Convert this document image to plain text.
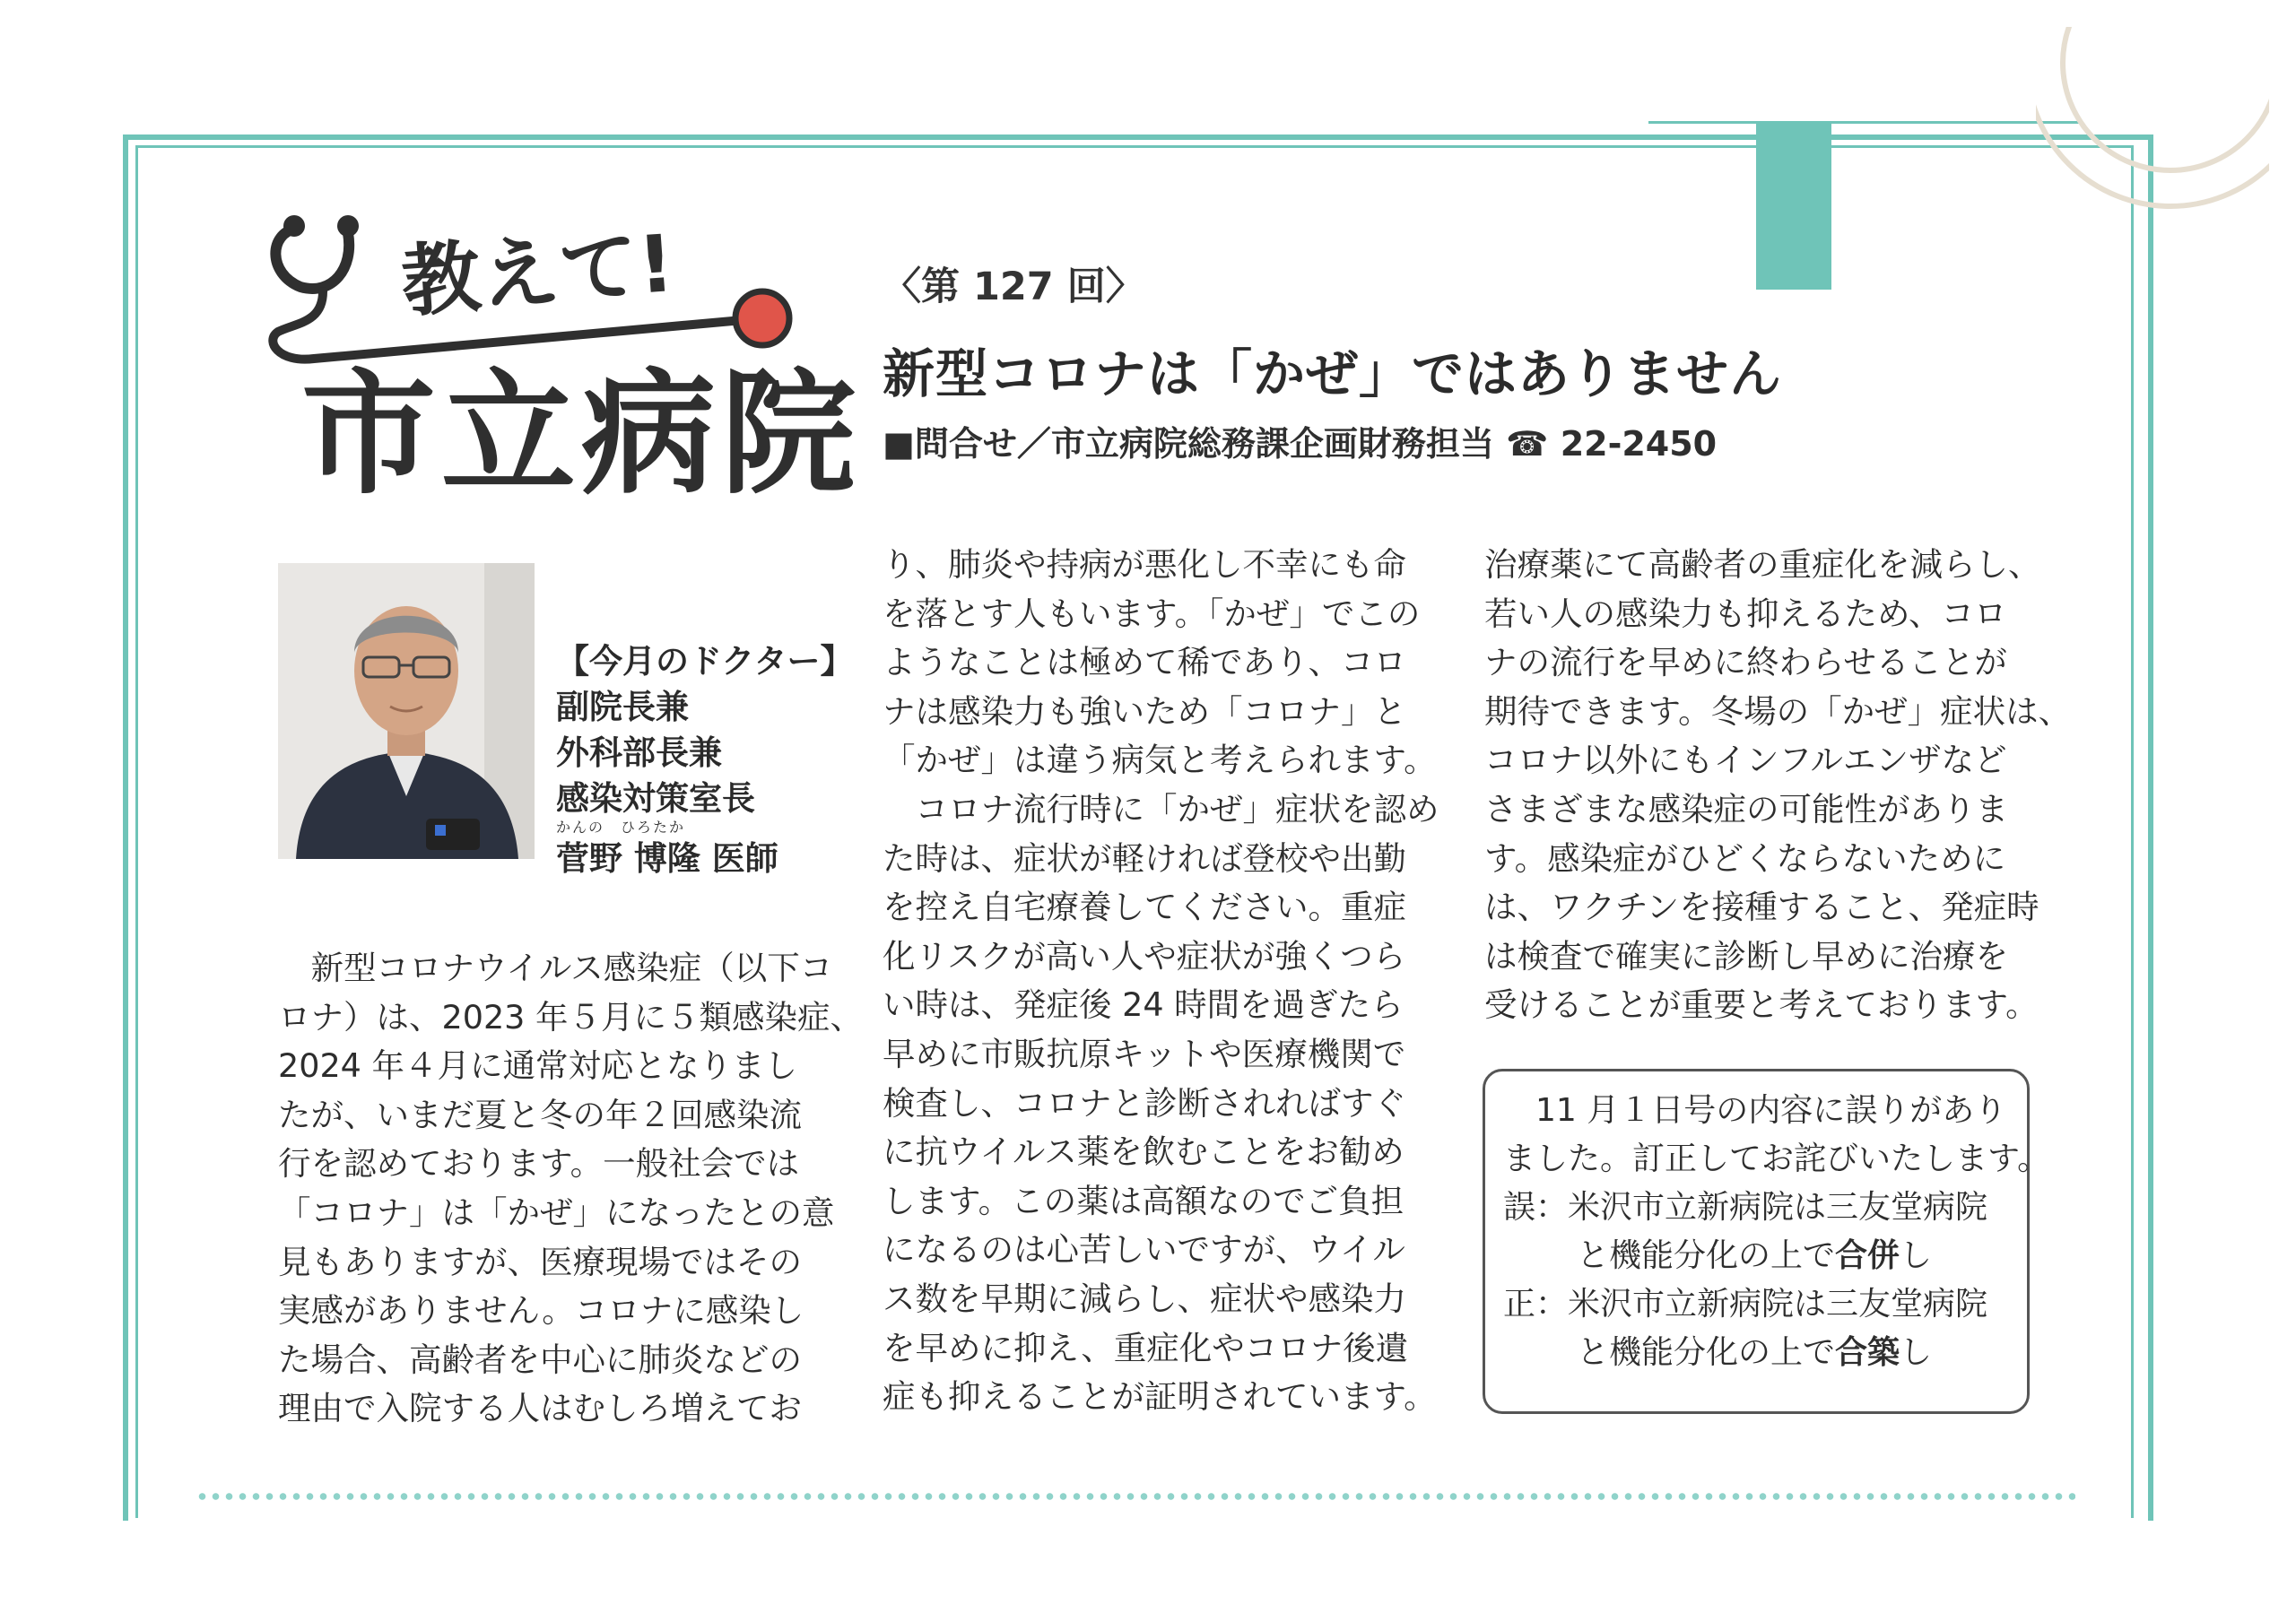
教えて!
市立病院
〈第 127 回〉
新型コロナは「かぜ」ではありません
■問合せ／市立病院総務課企画財務担当 ☎ 22-2450
【今月のドクター】
副院長兼
外科部長兼
感染対策室長
かんの　ひろたか
菅野 博隆 医師
　新型コロナウイルス感染症（以下コ
ロナ）は、2023 年５月に５類感染症、
2024 年４月に通常対応となりまし
たが、いまだ夏と冬の年２回感染流
行を認めております。一般社会では
「コロナ」は「かぜ」になったとの意
見もありますが、医療現場ではその
実感がありません。コロナに感染し
た場合、高齢者を中心に肺炎などの
理由で入院する人はむしろ増えてお
り、肺炎や持病が悪化し不幸にも命
を落とす人もいます。「かぜ」でこの
ようなことは極めて稀であり、コロ
ナは感染力も強いため「コロナ」と
「かぜ」は違う病気と考えられます。
　コロナ流行時に「かぜ」症状を認め
た時は、症状が軽ければ登校や出勤
を控え自宅療養してください。重症
化リスクが高い人や症状が強くつら
い時は、発症後 24 時間を過ぎたら
早めに市販抗原キットや医療機関で
検査し、コロナと診断されればすぐ
に抗ウイルス薬を飲むことをお勧め
します。この薬は高額なのでご負担
になるのは心苦しいですが、ウイル
ス数を早期に減らし、症状や感染力
を早めに抑え、重症化やコロナ後遺
症も抑えることが証明されています。
治療薬にて高齢者の重症化を減らし、
若い人の感染力も抑えるため、コロ
ナの流行を早めに終わらせることが
期待できます。冬場の「かぜ」症状は、
コロナ以外にもインフルエンザなど
さまざまな感染症の可能性がありま
す。感染症がひどくならないために
は、ワクチンを接種すること、発症時
は検査で確実に診断し早めに治療を
受けることが重要と考えております。
　11 月１日号の内容に誤りがあり
ました。訂正してお詫びいたします。
誤：米沢市立新病院は三友堂病院
と機能分化の上で合併し
正：米沢市立新病院は三友堂病院
と機能分化の上で合築し
